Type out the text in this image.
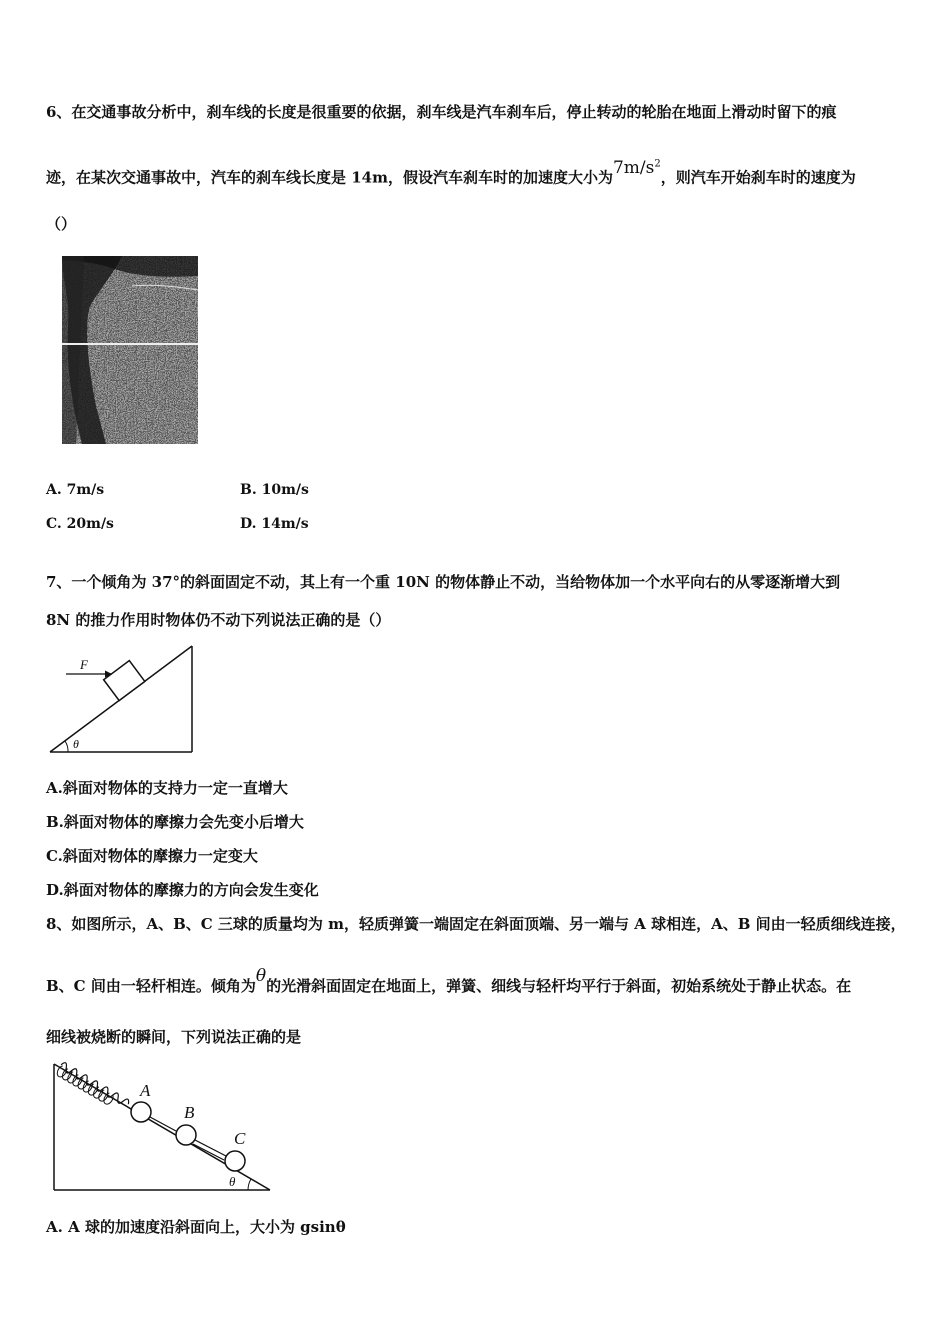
6、在交通事故分析中，刹车线的长度是很重要的依据，刹车线是汽车刹车后，停止转动的轮胎在地面上滑动时留下的痕
迹，在某次交通事故中，汽车的刹车线长度是 14m，假设汽车刹车时的加速度大小为$7m/s^2$，则汽车开始刹车时的速度为
（）
A. 7m/s	B. 10m/s
C. 20m/s	D. 14m/s
7、一个倾角为 37°的斜面固定不动，其上有一个重 10N 的物体静止不动，当给物体加一个水平向右的从零逐渐增大到
8N 的推力作用时物体仍不动下列说法正确的是（）
F
θ
A.斜面对物体的支持力一定一直增大
B.斜面对物体的摩擦力会先变小后增大
C.斜面对物体的摩擦力一定变大
D.斜面对物体的摩擦力的方向会发生变化
8、如图所示，A、B、C 三球的质量均为 m，轻质弹簧一端固定在斜面顶端、另一端与 A 球相连，A、B 间由一轻质细线连接，
B、C 间由一轻杆相连。倾角为θ的光滑斜面固定在地面上，弹簧、细线与轻杆均平行于斜面，初始系统处于静止状态。在
细线被烧断的瞬间，下列说法正确的是
A
B
C
θ
A. A 球的加速度沿斜面向上，大小为 gsinθ
